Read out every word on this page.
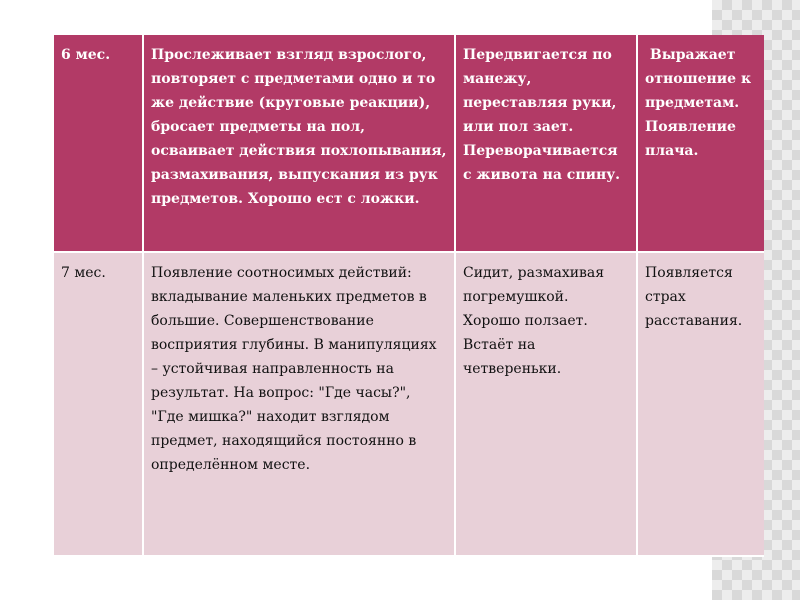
6 мес.	Прослеживает взгляд взрослого, повторяет с предметами одно и то же действие (круговые реакции), бросает предметы на пол, осваивает действия похлопывания, размахивания, выпускания из рук предметов. Хорошо ест с ложки.
Передвигается по манежу, переставляя руки, или пол зает. Переворачивается с живота на спину.
Выражает отношение к предметам. Появление плача.
7 мес.	Появление соотносимых действий: вкладывание маленьких предметов в большие. Совершенствование восприятия глубины. В манипуляциях – устойчивая направленность на результат. На вопрос: "Где часы?", "Где мишка?" находит взглядом предмет, находящийся постоянно в определённом месте.
Сидит, размахивая погремушкой. Хорошо ползает. Встаёт на четвереньки.
Появляется страх расставания.
